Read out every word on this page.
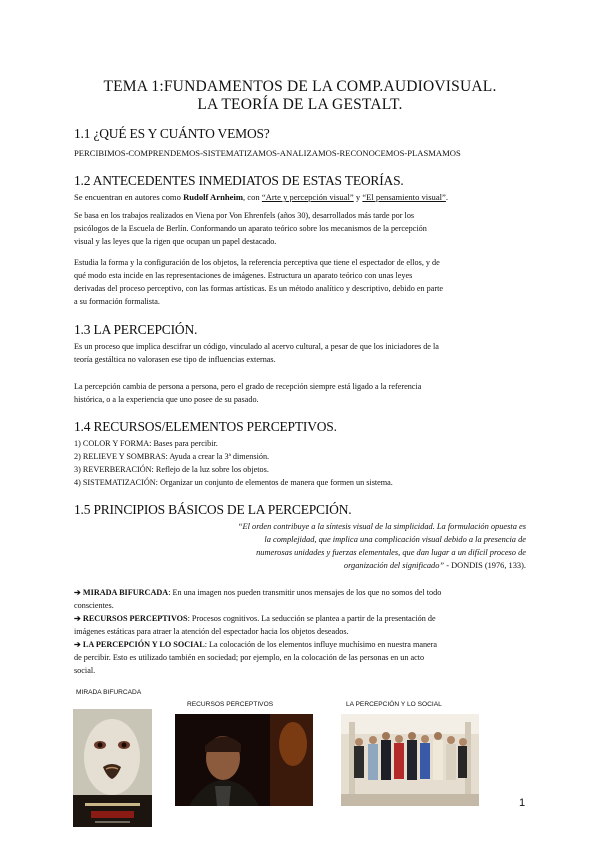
TEMA 1:FUNDAMENTOS DE LA COMP.AUDIOVISUAL.
LA TEORÍA DE LA GESTALT.
1.1 ¿QUÉ ES Y CUÁNTO VEMOS?
PERCIBIMOS-COMPRENDEMOS-SISTEMATIZAMOS-ANALIZAMOS-RECONOCEMOS-PLASMAMOS
1.2 ANTECEDENTES INMEDIATOS DE ESTAS TEORÍAS.
Se encuentran en autores como Rudolf Arnheim, con “Arte y percepción visual” y “El pensamiento visual”.
Se basa en los trabajos realizados en Viena por Von Ehrenfels (años 30), desarrollados más tarde por los
psicólogos de la Escuela de Berlín. Conformando un aparato teórico sobre los mecanismos de la percepción
visual y las leyes que la rigen que ocupan un papel destacado.
Estudia la forma y la configuración de los objetos, la referencia perceptiva que tiene el espectador de ellos, y de
qué modo esta incide en las representaciones de imágenes. Estructura un aparato teórico con unas leyes
derivadas del proceso perceptivo, con las formas artísticas. Es un método analítico y descriptivo, debido en parte
a su formación formalista.
1.3 LA PERCEPCIÓN.
Es un proceso que implica descifrar un código, vinculado al acervo cultural, a pesar de que los iniciadores de la
teoría gestáltica no valorasen ese tipo de influencias externas.
La percepción cambia de persona a persona, pero el grado de recepción siempre está ligado a la referencia
histórica, o a la experiencia que uno posee de su pasado.
1.4 RECURSOS/ELEMENTOS PERCEPTIVOS.
1) COLOR Y FORMA: Bases para percibir.
2) RELIEVE Y SOMBRAS: Ayuda a crear la 3ª dimensión.
3) REVERBERACIÓN: Reflejo de la luz sobre los objetos.
4) SISTEMATIZACIÓN: Organizar un conjunto de elementos de manera que formen un sistema.
1.5 PRINCIPIOS BÁSICOS DE LA PERCEPCIÓN.
“El orden contribuye a la síntesis visual de la simplicidad. La formulación opuesta es
la complejidad, que implica una complicación visual debido a la presencia de
numerosas unidades y fuerzas elementales, que dan lugar a un difícil proceso de
organización del significado” - DONDIS (1976, 133).
➔ MIRADA BIFURCADA: En una imagen nos pueden transmitir unos mensajes de los que no somos del todo
conscientes.
➔ RECURSOS PERCEPTIVOS: Procesos cognitivos. La seducción se plantea a partir de la presentación de
imágenes estáticas para atraer la atención del espectador hacia los objetos deseados.
➔ LA PERCEPCIÓN Y LO SOCIAL: La colocación de los elementos influye muchísimo en nuestra manera
de percibir. Esto es utilizado también en sociedad; por ejemplo, en la colocación de las personas en un acto
social.
MIRADA BIFURCADA
RECURSOS PERCEPTIVOS	LA PERCEPCIÓN Y LO SOCIAL
1
